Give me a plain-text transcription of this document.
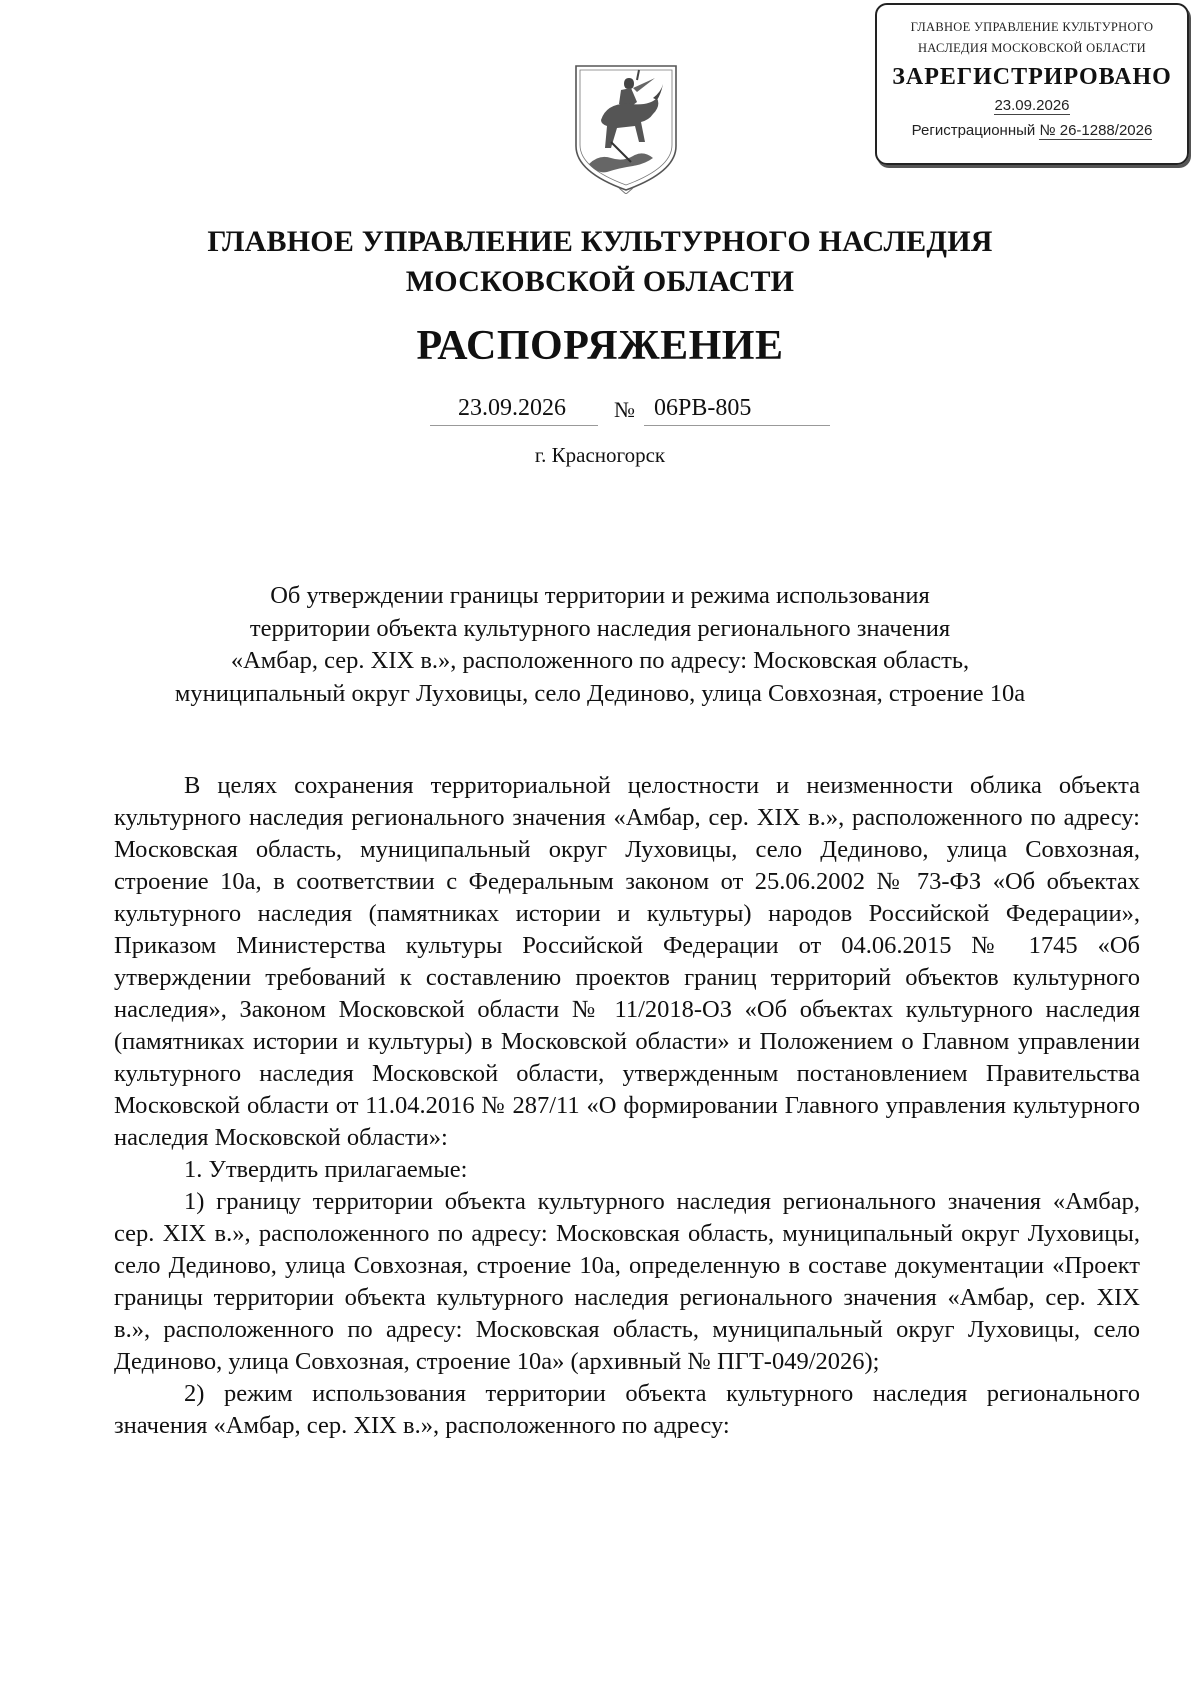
ГЛАВНОЕ УПРАВЛЕНИЕ КУЛЬТУРНОГО
НАСЛЕДИЯ МОСКОВСКОЙ ОБЛАСТИ
ЗАРЕГИСТРИРОВАНО
23.09.2026
Регистрационный № 26-1288/2026
ГЛАВНОЕ УПРАВЛЕНИЕ КУЛЬТУРНОГО НАСЛЕДИЯ
МОСКОВСКОЙ ОБЛАСТИ
РАСПОРЯЖЕНИЕ
23.09.2026 № 06РВ-805
г. Красногорск
Об утверждении границы территории и режима использования
территории объекта культурного наследия регионального значения
«Амбар, сер. XIX в.», расположенного по адресу: Московская область,
муниципальный округ Луховицы, село Дединово, улица Совхозная, строение 10а

В целях сохранения территориальной целостности и неизменности облика объекта культурного наследия регионального значения «Амбар, сер. XIX в.», расположенного по адресу: Московская область, муниципальный округ Луховицы, село Дединово, улица Совхозная, строение 10а, в соответствии с Федеральным законом от 25.06.2002 № 73-ФЗ «Об объектах культурного наследия (памятниках истории и культуры) народов Российской Федерации», Приказом Министерства культуры Российской Федерации от 04.06.2015 № 1745 «Об утверждении требований к составлению проектов границ территорий объектов культурного наследия», Законом Московской области № 11/2018-ОЗ «Об объектах культурного наследия (памятниках истории и культуры) в Московской области» и Положением о Главном управлении культурного наследия Московской области, утвержденным постановлением Правительства Московской области от 11.04.2016 № 287/11 «О формировании Главного управления культурного наследия Московской области»:

1. Утвердить прилагаемые:

1) границу территории объекта культурного наследия регионального значения «Амбар, сер. XIX в.», расположенного по адресу: Московская область, муниципальный округ Луховицы, село Дединово, улица Совхозная, строение 10а, определенную в составе документации «Проект границы территории объекта культурного наследия регионального значения «Амбар, сер. XIX в.», расположенного по адресу: Московская область, муниципальный округ Луховицы, село Дединово, улица Совхозная, строение 10а» (архивный № ПГТ-049/2026);

2) режим использования территории объекта культурного наследия регионального значения «Амбар, сер. XIX в.», расположенного по адресу:
